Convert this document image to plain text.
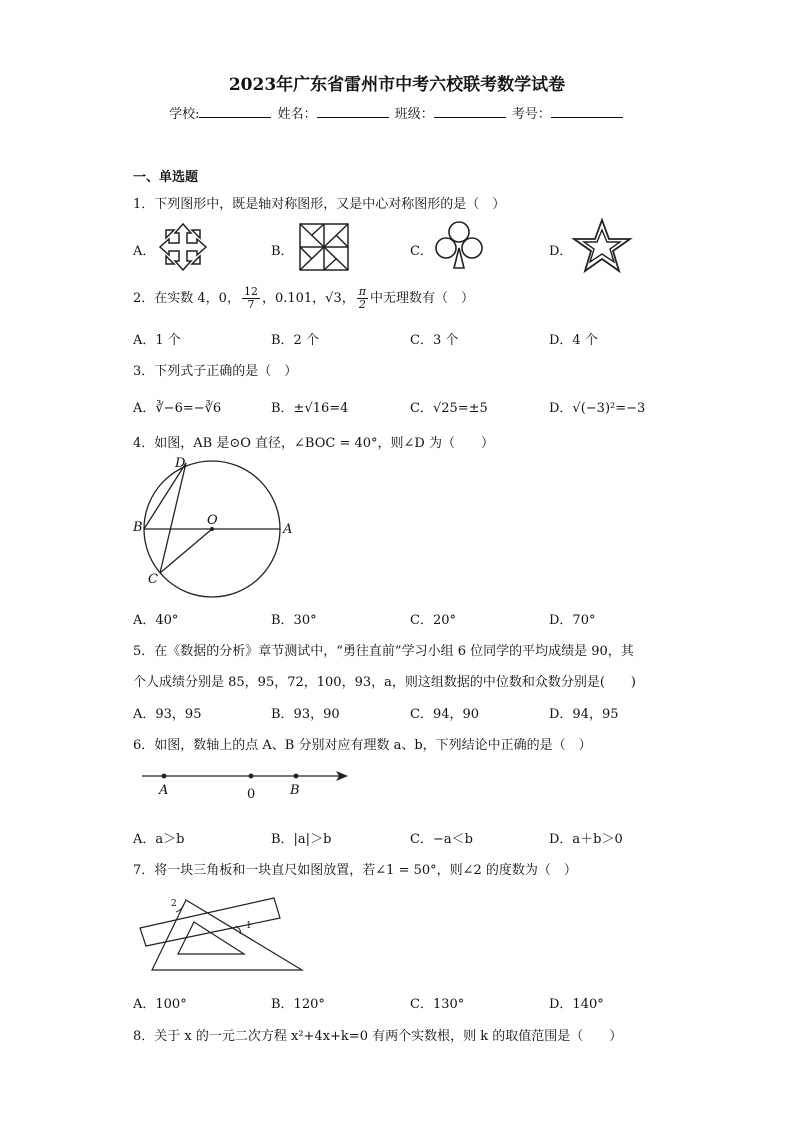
2023年广东省雷州市中考六校联考数学试卷
学校:	姓名：	班级：	考号：
一、单选题
1．下列图形中，既是轴对称图形，又是中心对称图形的是（　）
A．	B．	C．	D．
2．在实数 4，0， $\frac{12}{7}$ ，0.101，√3， $\frac{\pi}{2}$ 中无理数有（　）
A．1 个	B．2 个	C．3 个	D．4 个
3．下列式子正确的是（　）
A．∛−6=−∛6	B．±√16=4	C．√25=±5	D．√(−3)²=−3
4．如图，AB 是⊙O 直径，∠BOC = 40°，则∠D 为（　　）
D
B	O
A
C
A．40°	B．30°	C．20°	D．70°
5．在《数据的分析》章节测试中，“勇往直前”学习小组 6 位同学的平均成绩是 90，其
个人成绩分别是 85，95，72，100，93，a，则这组数据的中位数和众数分别是(　　)
A．93，95	B．93，90	C．94，90	D．94，95
6．如图，数轴上的点 A、B 分别对应有理数 a、b，下列结论中正确的是（　）
A	0	B
A．a＞b	B．|a|＞b	C．−a＜b	D．a＋b＞0
7．将一块三角板和一块直尺如图放置，若∠1 = 50°，则∠2 的度数为（　）
2
1
A．100°	B．120°	C．130°	D．140°
8．关于 x 的一元二次方程 x²+4x+k=0 有两个实数根，则 k 的取值范围是（　　）
